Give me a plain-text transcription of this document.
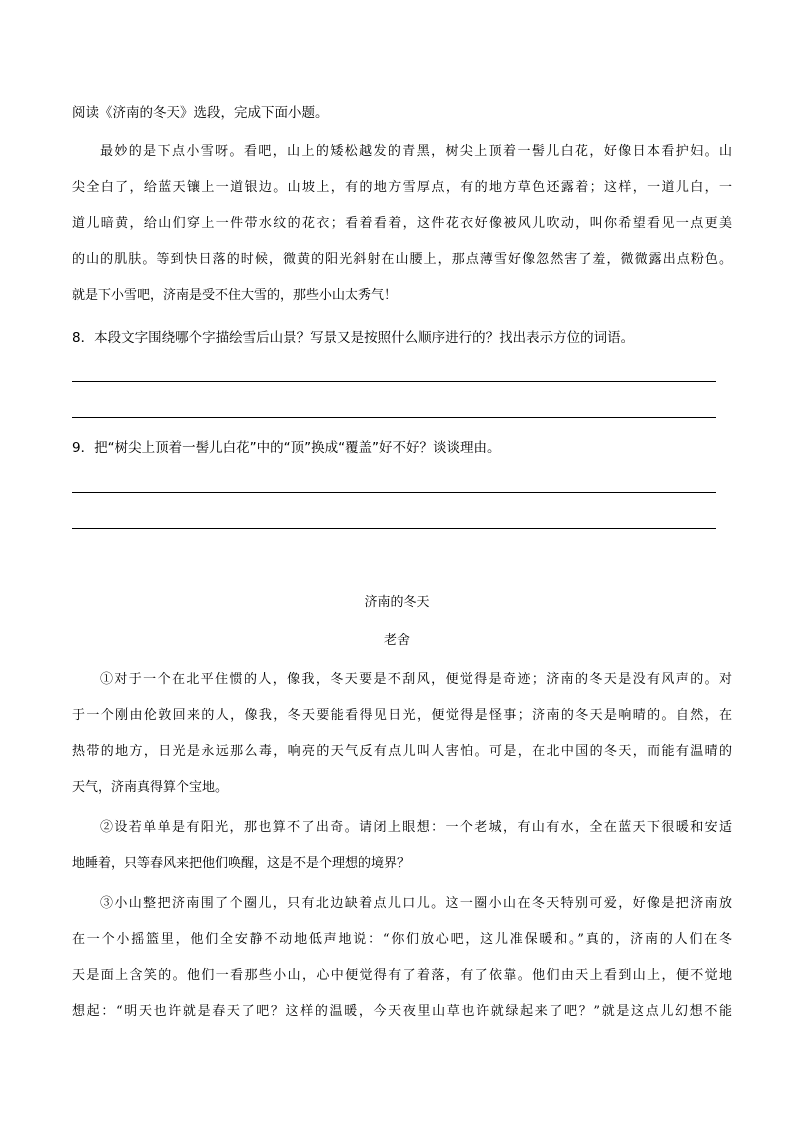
阅读《济南的冬天》选段，完成下面小题。
最妙的是下点小雪呀。看吧，山上的矮松越发的青黑，树尖上顶着一髻儿白花，好像日本看护妇。山
尖全白了，给蓝天镶上一道银边。山坡上，有的地方雪厚点，有的地方草色还露着；这样，一道儿白，一
道儿暗黄，给山们穿上一件带水纹的花衣；看着看着，这件花衣好像被风儿吹动，叫你希望看见一点更美
的山的肌肤。等到快日落的时候，微黄的阳光斜射在山腰上，那点薄雪好像忽然害了羞，微微露出点粉色。
就是下小雪吧，济南是受不住大雪的，那些小山太秀气！
8．本段文字围绕哪个字描绘雪后山景？写景又是按照什么顺序进行的？找出表示方位的词语。
9．把“树尖上顶着一髻儿白花”中的“顶”换成“覆盖”好不好？谈谈理由。
济南的冬天
老舍
①对于一个在北平住惯的人，像我，冬天要是不刮风，便觉得是奇迹；济南的冬天是没有风声的。对
于一个刚由伦敦回来的人，像我，冬天要能看得见日光，便觉得是怪事；济南的冬天是响晴的。自然，在
热带的地方，日光是永远那么毒，响亮的天气反有点儿叫人害怕。可是，在北中国的冬天，而能有温晴的
天气，济南真得算个宝地。
②设若单单是有阳光，那也算不了出奇。请闭上眼想：一个老城，有山有水，全在蓝天下很暖和安适
地睡着，只等春风来把他们唤醒，这是不是个理想的境界？
③小山整把济南围了个圈儿，只有北边缺着点儿口儿。这一圈小山在冬天特别可爱，好像是把济南放
在一个小摇篮里，他们全安静不动地低声地说：“你们放心吧，这儿准保暖和。”真的，济南的人们在冬
天是面上含笑的。他们一看那些小山，心中便觉得有了着落，有了依靠。他们由天上看到山上，便不觉地
想起：“明天也许就是春天了吧？这样的温暖，今天夜里山草也许就绿起来了吧？”就是这点儿幻想不能
